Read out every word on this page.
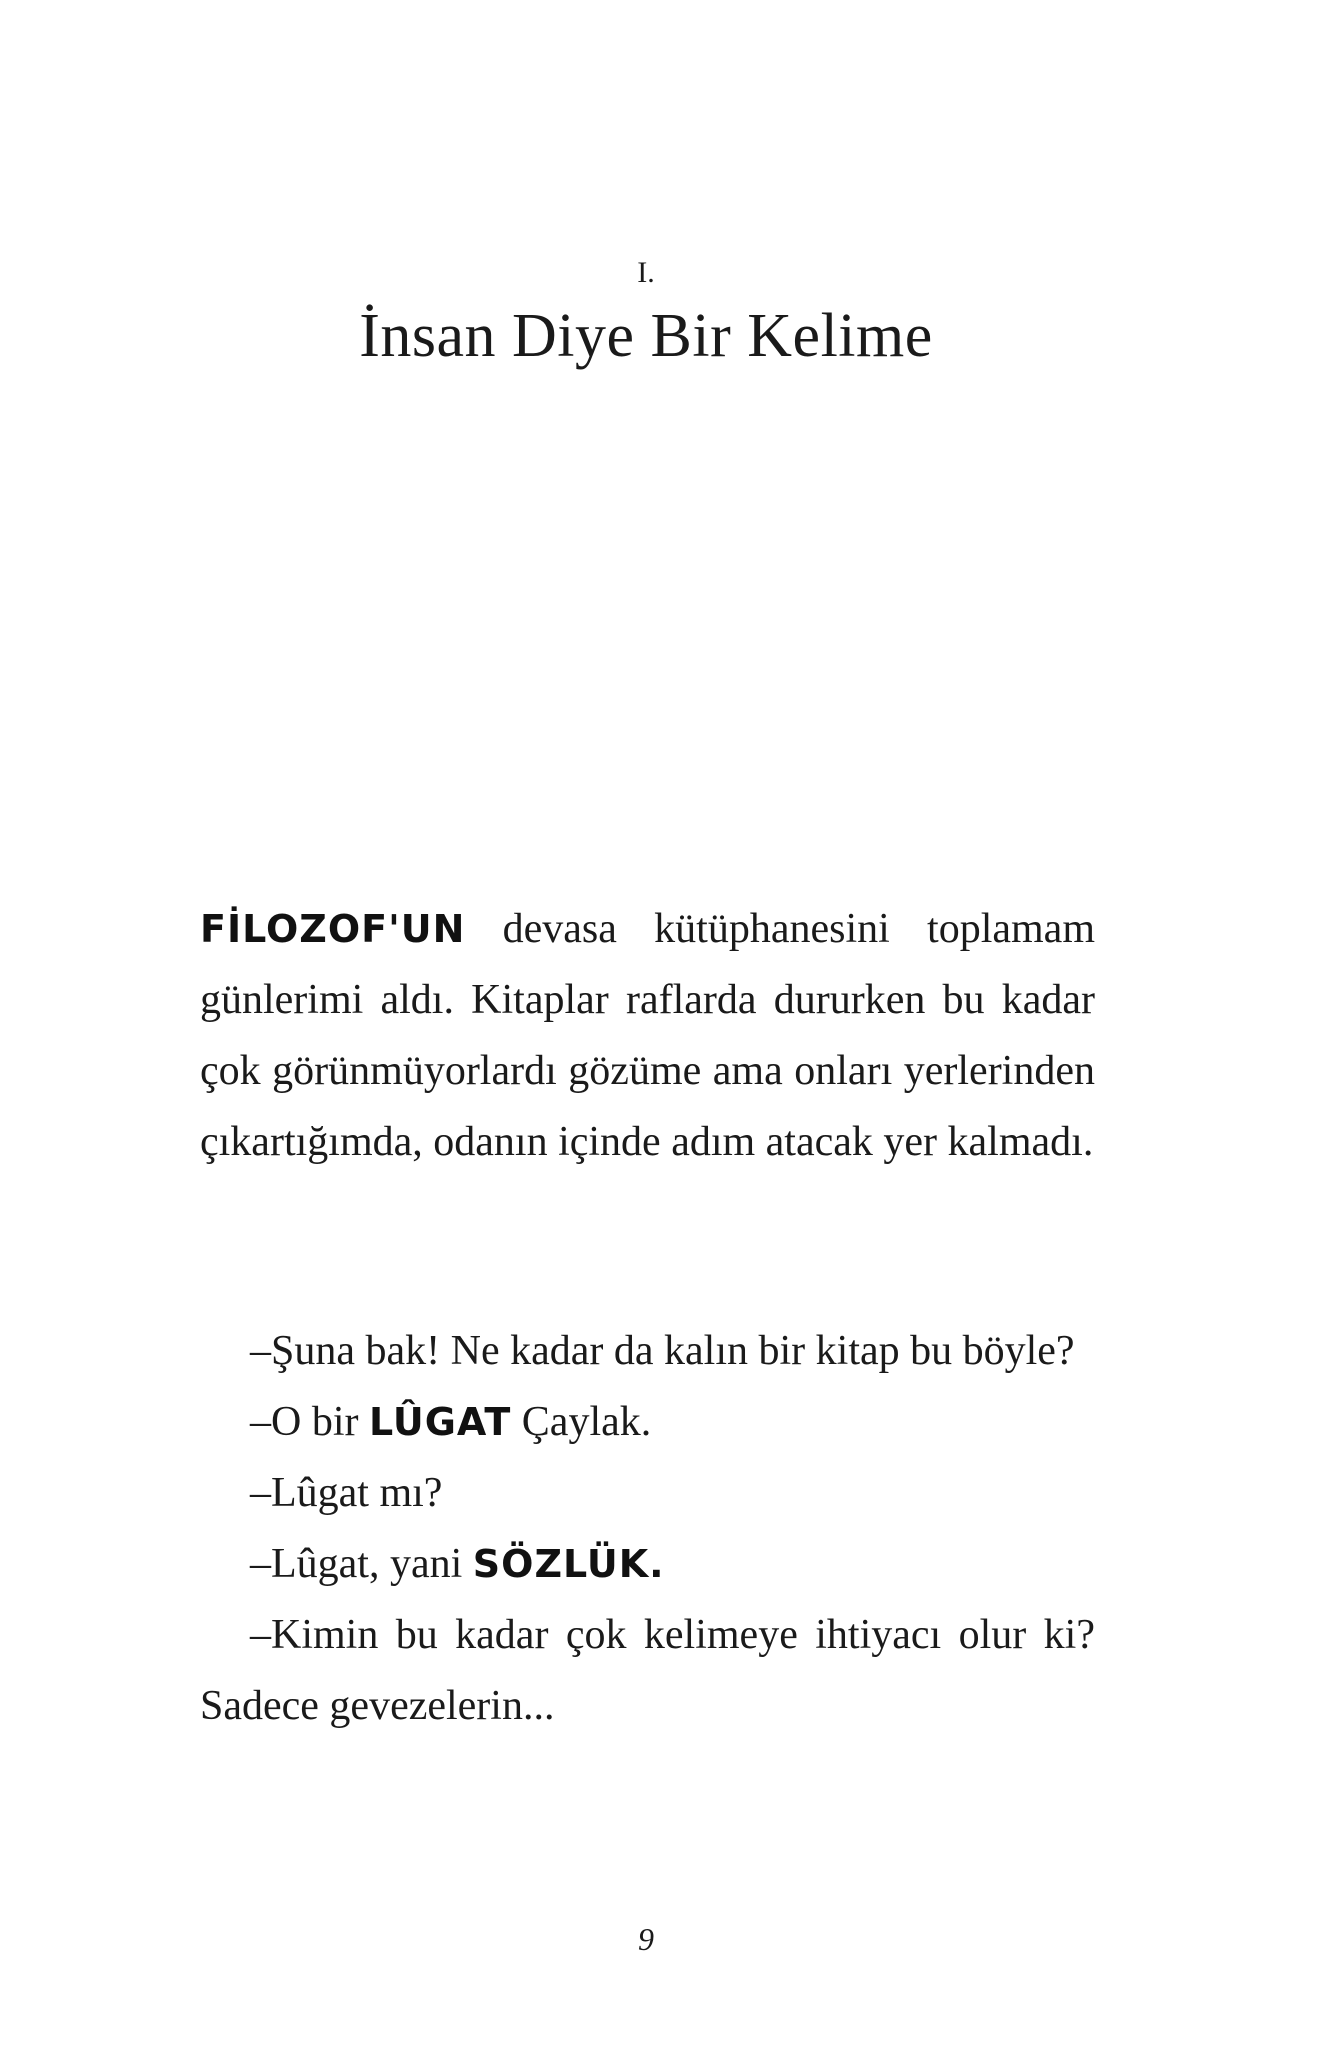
I.
İnsan Diye Bir Kelime

FİLOZOF'UN devasa kütüphanesini toplamam günlerimi aldı. Kitaplar raflarda dururken bu kadar çok görünmüyorlardı gözüme ama onları yerlerinden çıkartığımda, odanın içinde adım atacak yer kalmadı.

–Şuna bak! Ne kadar da kalın bir kitap bu böyle?

–O bir LÛGAT Çaylak.

–Lûgat mı?

–Lûgat, yani SÖZLÜK.

–Kimin bu kadar çok kelimeye ihtiyacı olur ki? Sadece gevezelerin...

9
